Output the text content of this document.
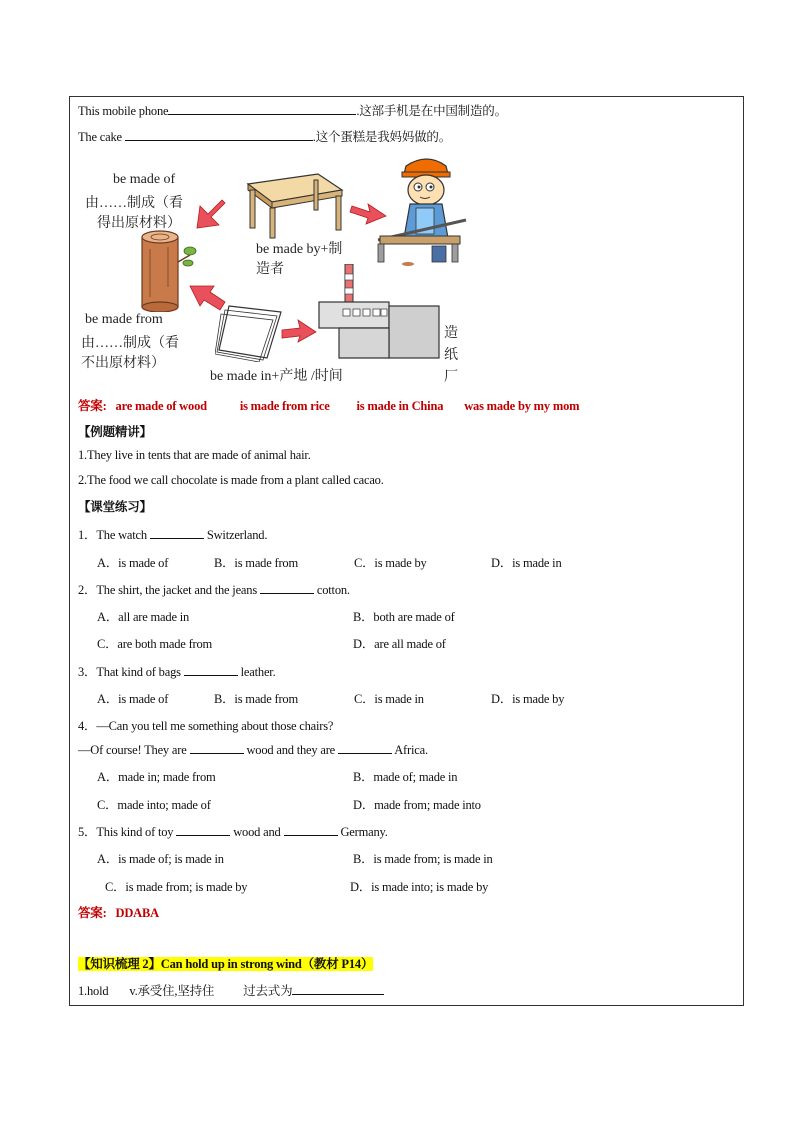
This mobile phone	.这部手机是在中国制造的。
The cake	.这个蛋糕是我妈妈做的。
be made of
由……制成（看
得出原材料）
be made by+制
造者
be made from
由……制成（看
不出原材料）
be made in+产地 /时间
造
纸
厂
答案: are made of wood	is made from rice is made in China was made by my mom
【例题精讲】
1.They live in tents that are made of animal hair.
2.The food we call chocolate is made from a plant called cacao.
【课堂练习】
1．The watch	Switzerland.
A．is made of	B．is made from	C．is made by	D．is made in
2．The shirt, the jacket and the jeans	cotton.
A．all are made in	B．both are made of
C．are both made from	D．are all made of
3．That kind of bags	leather.
A．is made of	B．is made from	C．is made in	D．is made by
4．—Can you tell me something about those chairs?
—Of course! They are	wood and they are	Africa.
A．made in; made from	B．made of; made in
C．made into; made of	D．made from; made into
5．This kind of toy	wood and	Germany.
A．is made of; is made in	B．is made from; is made in
C．is made from; is made by	D．is made into; is made by
答案: DDABA
【知识梳理 2】Can hold up in strong wind（教材 P14）
1.hold v.承受住,坚持住 过去式为
